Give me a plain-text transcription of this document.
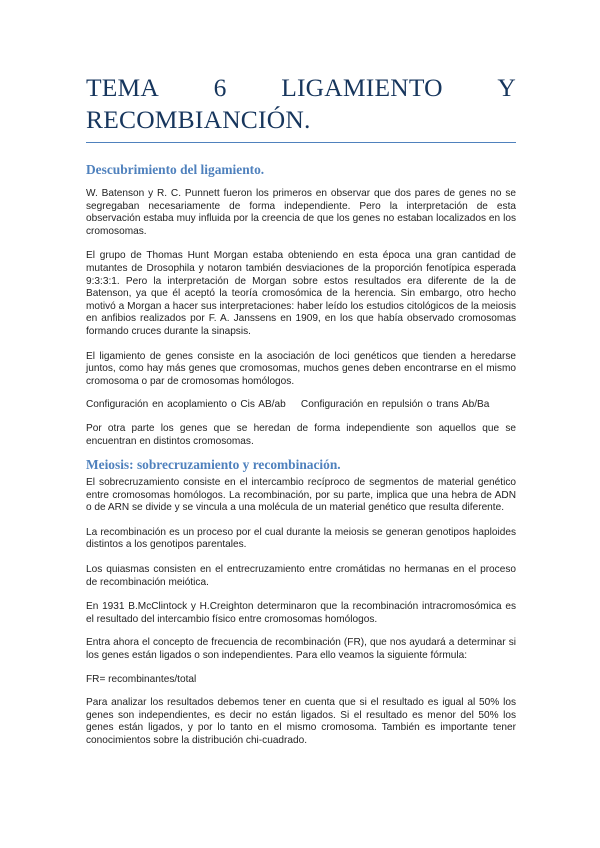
TEMA 6 LIGAMIENTO Y
RECOMBIANCIÓN.
Descubrimiento del ligamiento.

W. Batenson y R. C. Punnett fueron los primeros en observar que dos pares de genes no se segregaban necesariamente de forma independiente. Pero la interpretación de esta observación estaba muy influida por la creencia de que los genes no estaban localizados en los cromosomas.

El grupo de Thomas Hunt Morgan estaba obteniendo en esta época una gran cantidad de mutantes de Drosophila y notaron también desviaciones de la proporción fenotípica esperada 9:3:3:1. Pero la interpretación de Morgan sobre estos resultados era diferente de la de Batenson, ya que él aceptó la teoría cromosómica de la herencia. Sin embargo, otro hecho motivó a Morgan a hacer sus interpretaciones: haber leído los estudios citológicos de la meiosis en anfibios realizados por F. A. Janssens en 1909, en los que había observado cromosomas formando cruces durante la sinapsis.

El ligamiento de genes consiste en la asociación de loci genéticos que tienden a heredarse juntos, como hay más genes que cromosomas, muchos genes deben encontrarse en el mismo cromosoma o par de cromosomas homólogos.

Configuración en acoplamiento o Cis AB/ab    Configuración en repulsión o trans Ab/Ba

Por otra parte los genes que se heredan de forma independiente son aquellos que se encuentran en distintos cromosomas.

Meiosis: sobrecruzamiento y recombinación.

El sobrecruzamiento consiste en el intercambio recíproco de segmentos de material genético entre cromosomas homólogos. La recombinación, por su parte, implica que una hebra de ADN o de ARN se divide y se vincula a una molécula de un material genético que resulta diferente.

La recombinación es un proceso por el cual durante la meiosis se generan genotipos haploides distintos a los genotipos parentales.

Los quiasmas consisten en el entrecruzamiento entre cromátidas no hermanas en el proceso de recombinación meiótica.

En 1931 B.McClintock y H.Creighton determinaron que la recombinación intracromosómica es el resultado del intercambio físico entre cromosomas homólogos.

Entra ahora el concepto de frecuencia de recombinación (FR), que nos ayudará a determinar si los genes están ligados o son independientes. Para ello veamos la siguiente fórmula:

FR= recombinantes/total

Para analizar los resultados debemos tener en cuenta que si el resultado es igual al 50% los genes son independientes, es decir no están ligados. Si el resultado es menor del 50% los genes están ligados, y por lo tanto en el mismo cromosoma. También es importante tener conocimientos sobre la distribución chi-cuadrado.
